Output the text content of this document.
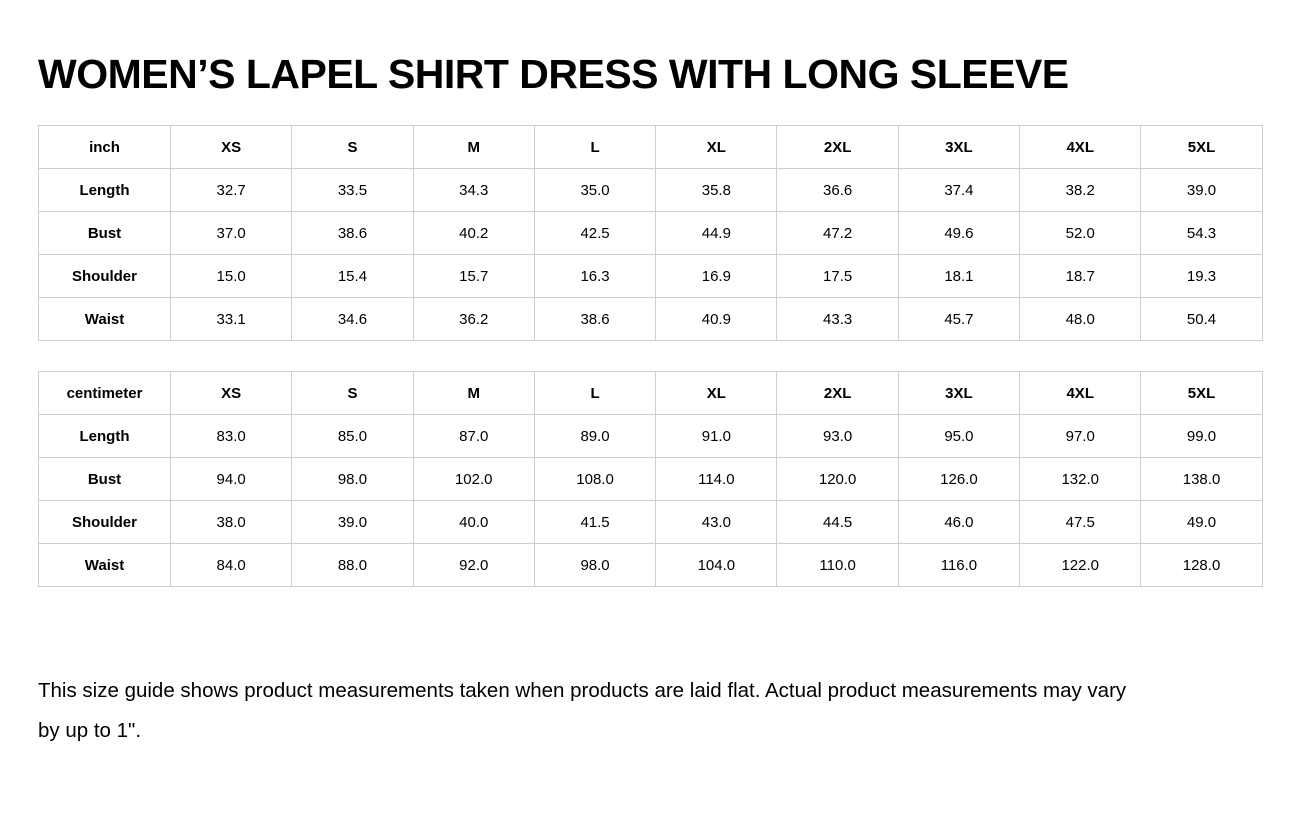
WOMEN’S LAPEL SHIRT DRESS WITH LONG SLEEVE
inch	XS	S	M	L	XL	2XL	3XL	4XL	5XL
Length	32.7	33.5	34.3	35.0	35.8	36.6	37.4	38.2	39.0
Bust	37.0	38.6	40.2	42.5	44.9	47.2	49.6	52.0	54.3
Shoulder	15.0	15.4	15.7	16.3	16.9	17.5	18.1	18.7	19.3
Waist	33.1	34.6	36.2	38.6	40.9	43.3	45.7	48.0	50.4
centimeter	XS	S	M	L	XL	2XL	3XL	4XL	5XL
Length	83.0	85.0	87.0	89.0	91.0	93.0	95.0	97.0	99.0
Bust	94.0	98.0	102.0	108.0	114.0	120.0	126.0	132.0	138.0
Shoulder	38.0	39.0	40.0	41.5	43.0	44.5	46.0	47.5	49.0
Waist	84.0	88.0	92.0	98.0	104.0	110.0	116.0	122.0	128.0

This size guide shows product measurements taken when products are laid flat. Actual product measurements may vary by up to 1".
